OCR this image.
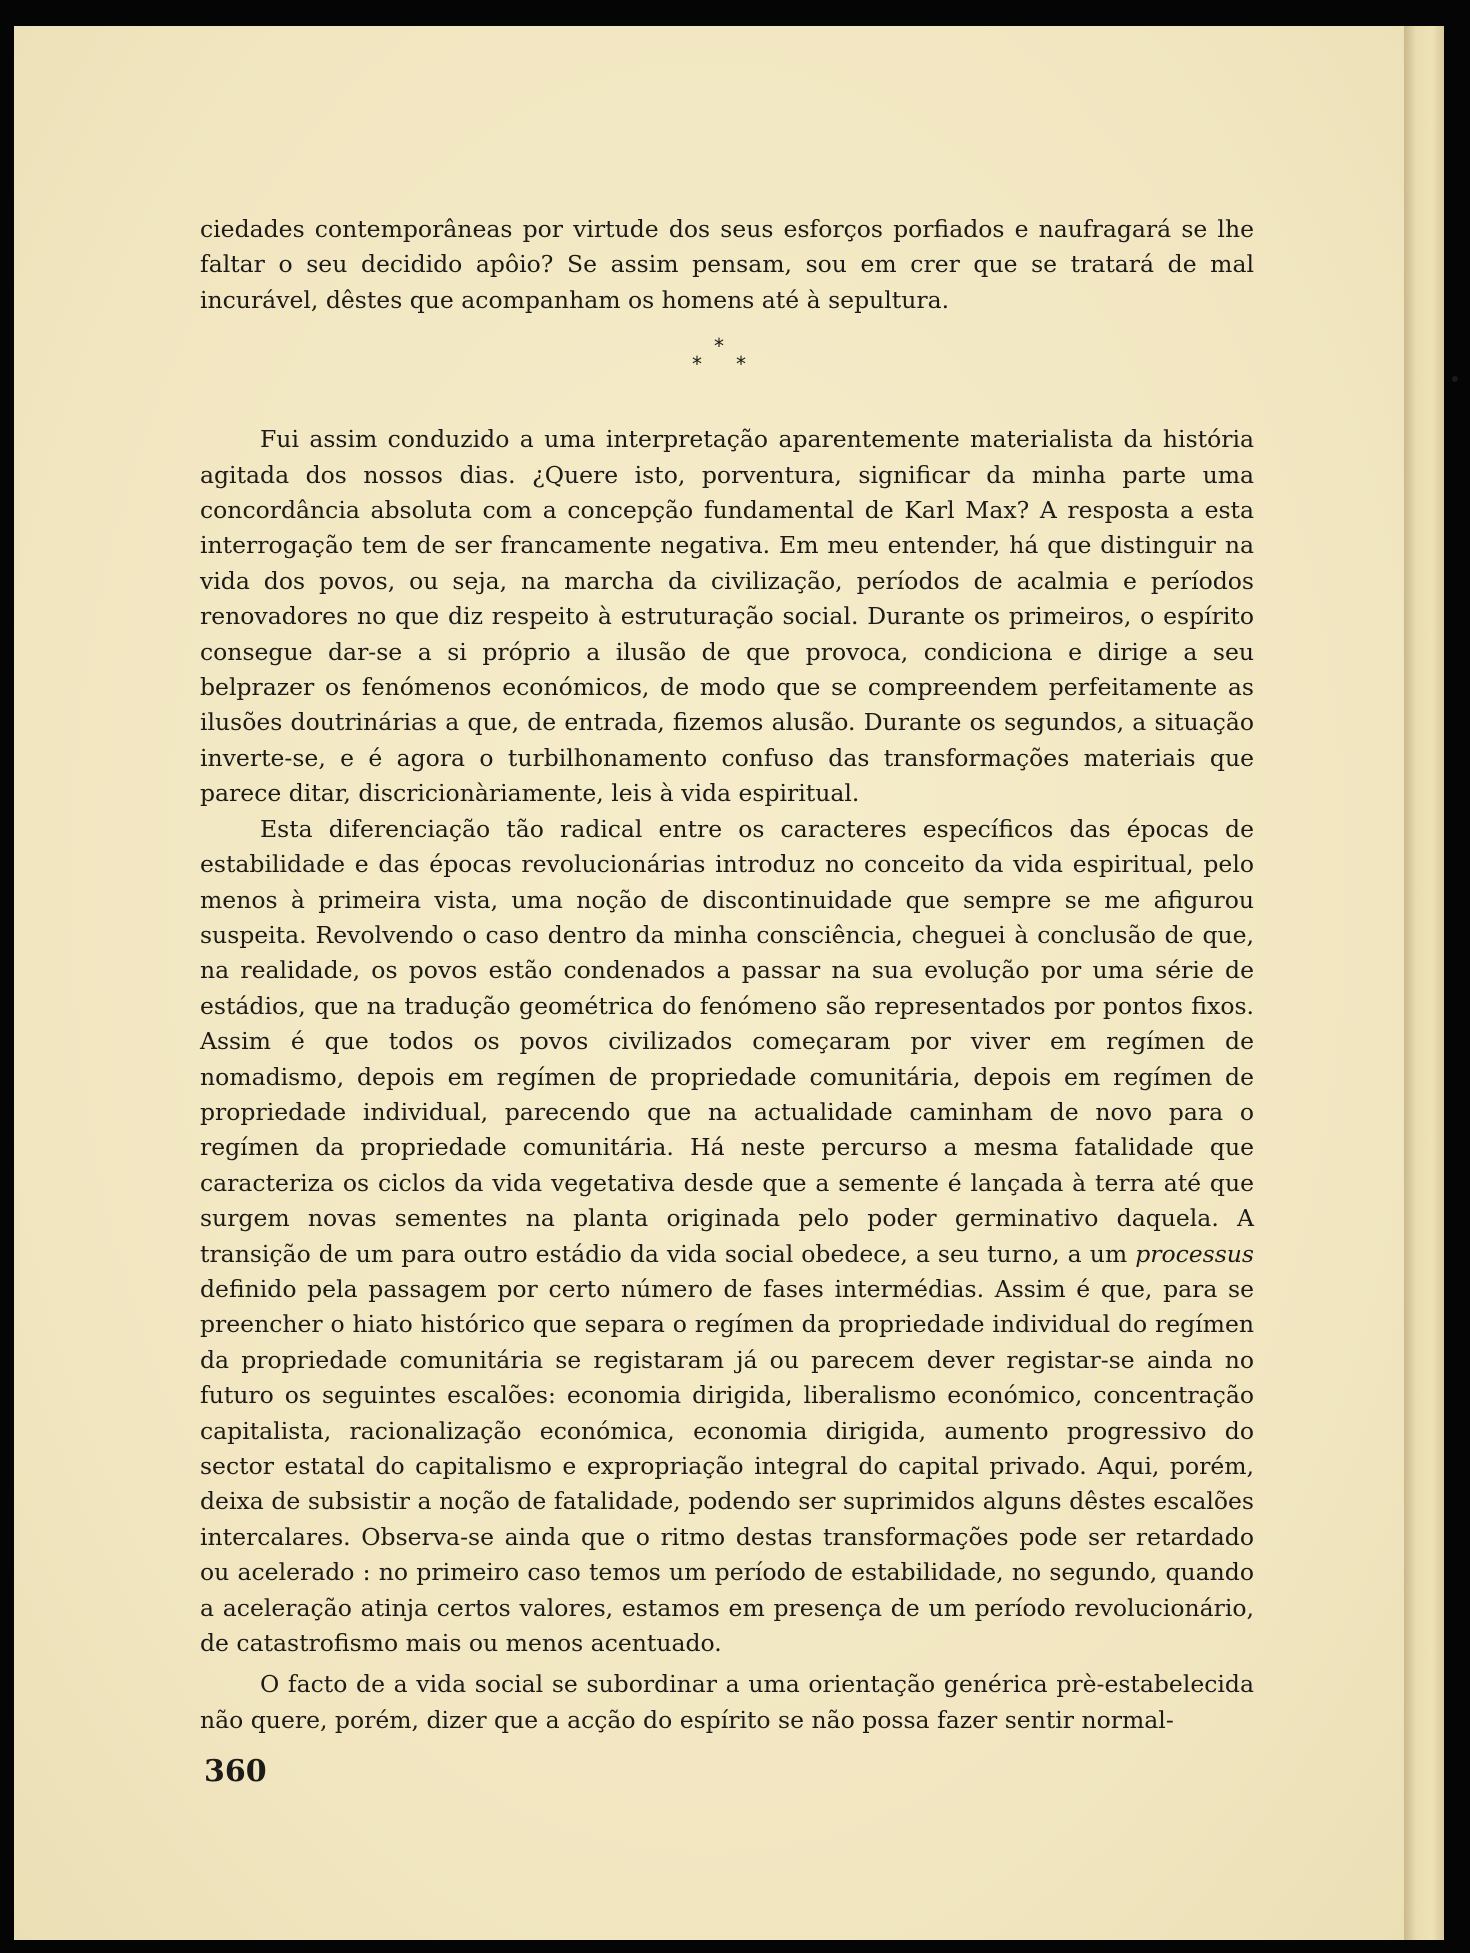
ciedades contemporâneas por virtude dos seus esforços porfiados e naufragará se lhe faltar o seu decidido apôio? Se assim pensam, sou em crer que se tratará de mal incurável, dêstes que acompanham os homens até à sepultura.

*
* *

Fui assim conduzido a uma interpretação aparentemente materialista da história agitada dos nossos dias. ¿Quere isto, porventura, significar da minha parte uma concordância absoluta com a concepção fundamental de Karl Max? A resposta a esta interrogação tem de ser francamente negativa. Em meu entender, há que distinguir na vida dos povos, ou seja, na marcha da civilização, períodos de acalmia e períodos renovadores no que diz respeito à estruturação social. Durante os primeiros, o espírito consegue dar-se a si próprio a ilusão de que provoca, condiciona e dirige a seu belprazer os fenómenos económicos, de modo que se compreendem perfeitamente as ilusões doutrinárias a que, de entrada, fizemos alusão. Durante os segundos, a situação inverte-se, e é agora o turbilhonamento confuso das transformações materiais que parece ditar, discricionàriamente, leis à vida espiritual.

Esta diferenciação tão radical entre os caracteres específicos das épocas de estabilidade e das épocas revolucionárias introduz no conceito da vida espiritual, pelo menos à primeira vista, uma noção de discontinuidade que sempre se me afigurou suspeita. Revolvendo o caso dentro da minha consciência, cheguei à conclusão de que, na realidade, os povos estão condenados a passar na sua evolução por uma série de estádios, que na tradução geométrica do fenómeno são representados por pontos fixos. Assim é que todos os povos civilizados começaram por viver em regímen de nomadismo, depois em regímen de propriedade comunitária, depois em regímen de propriedade individual, parecendo que na actualidade caminham de novo para o regímen da propriedade comunitária. Há neste percurso a mesma fatalidade que caracteriza os ciclos da vida vegetativa desde que a semente é lançada à terra até que surgem novas sementes na planta originada pelo poder germinativo daquela. A transição de um para outro estádio da vida social obedece, a seu turno, a um processus definido pela passagem por certo número de fases intermédias. Assim é que, para se preencher o hiato histórico que separa o regímen da propriedade individual do regímen da propriedade comunitária se registaram já ou parecem dever registar-se ainda no futuro os seguintes escalões: economia dirigida, liberalismo económico, concentração capitalista, racionalização económica, economia dirigida, aumento progressivo do sector estatal do capitalismo e expropriação integral do capital privado. Aqui, porém, deixa de subsistir a noção de fatalidade, podendo ser suprimidos alguns dêstes escalões intercalares. Observa-se ainda que o ritmo destas transformações pode ser retardado ou acelerado : no primeiro caso temos um período de estabilidade, no segundo, quando a aceleração atinja certos valores, estamos em presença de um período revolucionário, de catastrofismo mais ou menos acentuado.

O facto de a vida social se subordinar a uma orientação genérica prè-estabelecida não quere, porém, dizer que a acção do espírito se não possa fazer sentir normal-

360
